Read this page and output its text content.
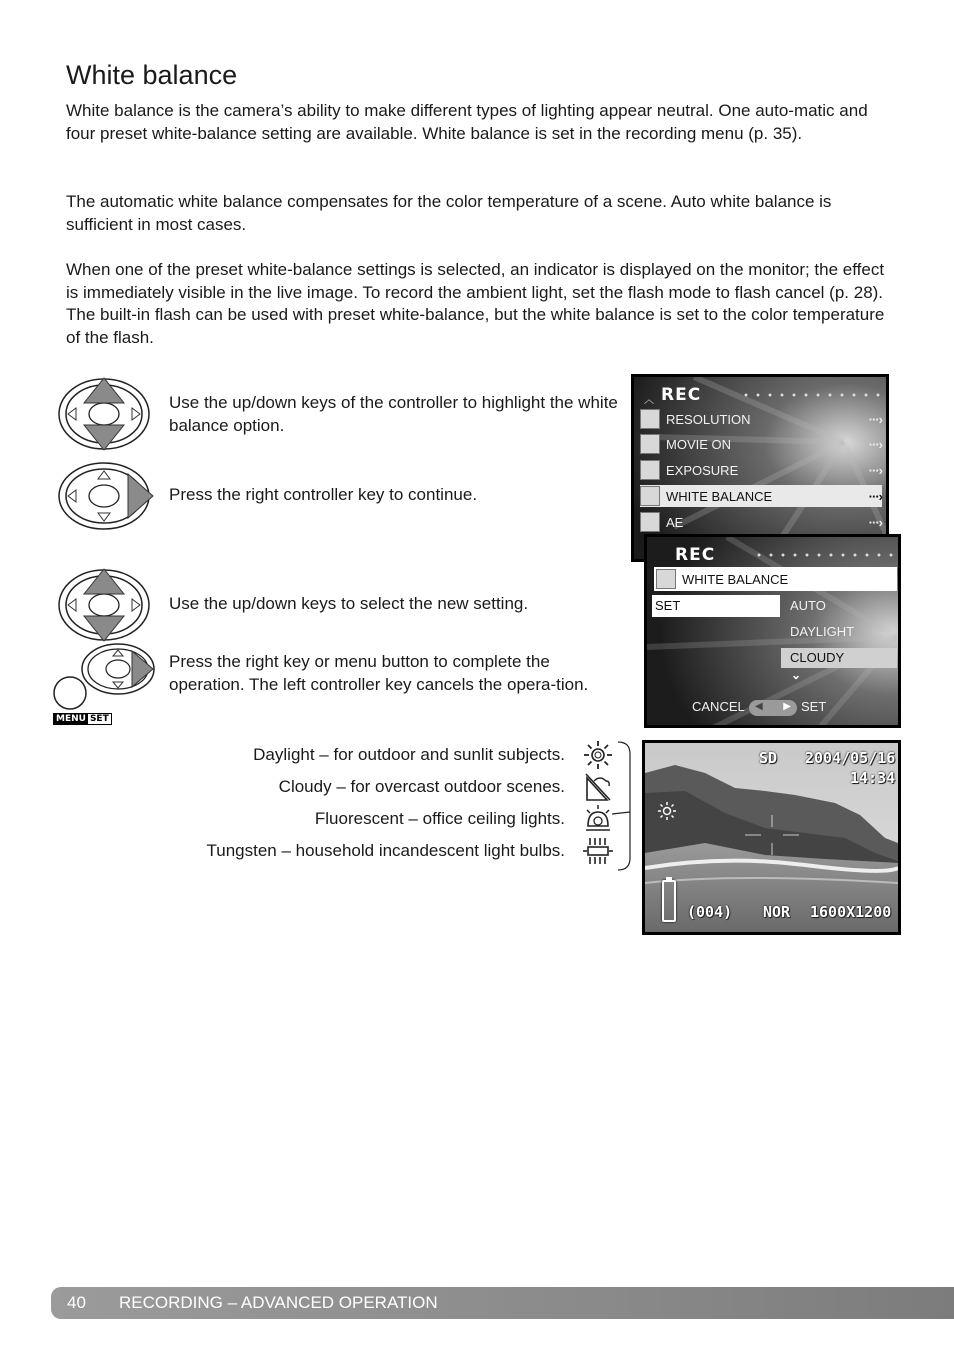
White balance

White balance is the camera’s ability to make different types of lighting appear neutral. One auto-matic and four preset white-balance setting are available. White balance is set in the recording menu (p. 35).

The automatic white balance compensates for the color temperature of a scene. Auto white balance is sufficient in most cases.

When one of the preset white-balance settings is selected, an indicator is displayed on the monitor; the effect is immediately visible in the live image. To record the ambient light, set the flash mode to flash cancel (p. 28). The built-in flash can be used with preset white-balance, but the white balance is set to the color temperature of the flash.

Use the up/down keys of the controller to highlight the white balance option.

Press the right controller key to continue.

Use the up/down keys to select the new setting.

MENU SET

Press the right key or menu button to complete the operation. The left controller key cancels the opera-tion.

Daylight – for outdoor and sunlit subjects.

Cloudy – for overcast outdoor scenes.

Fluorescent – office ceiling lights.

Tungsten – household incandescent light bulbs.

︿ REC
RESOLUTION	···›
MOVIE ON	···›
EXPOSURE	···›
WHITE BALANCE	···›
AE	···›
REC
WHITE BALANCE
SET	AUTO
DAYLIGHT
CLOUDY
⌄
CANCEL ◀ ▶ SET
SD 2004/05/16
14:34
(004) NOR 1600X1200
40	RECORDING – ADVANCED OPERATION
